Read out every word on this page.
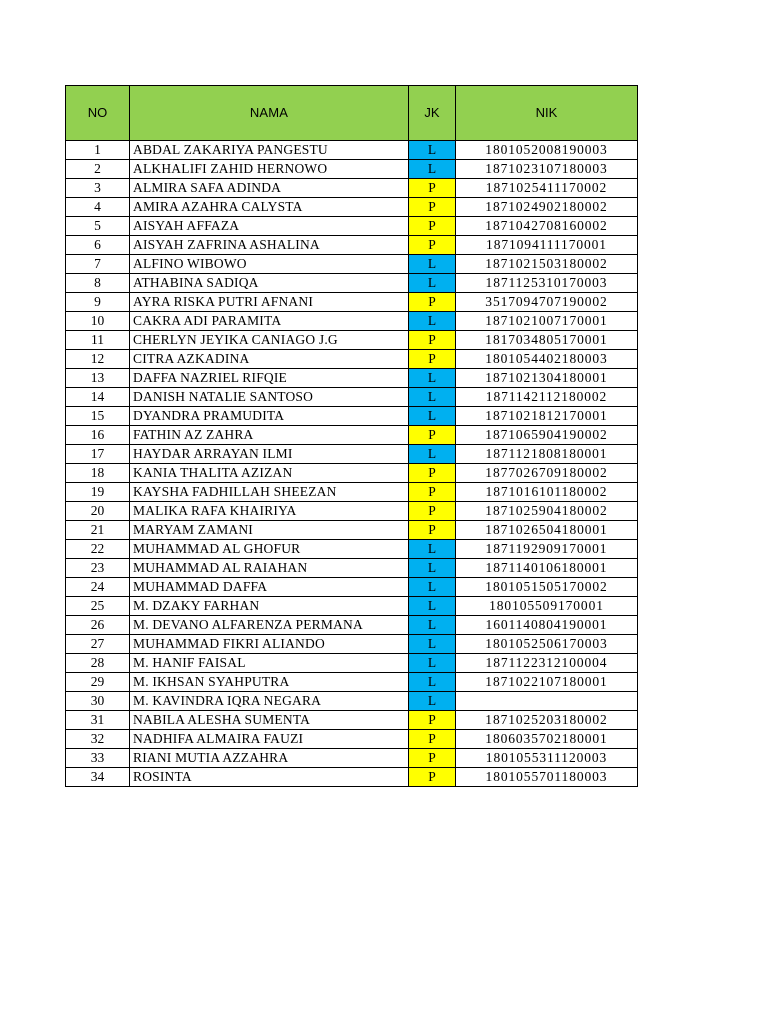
NO	NAMA	JK	NIK
1	ABDAL ZAKARIYA PANGESTU	L	1801052008190003
2	ALKHALIFI ZAHID HERNOWO	L	1871023107180003
3	ALMIRA SAFA ADINDA	P	1871025411170002
4	AMIRA AZAHRA CALYSTA	P	1871024902180002
5	AISYAH AFFAZA	P	1871042708160002
6	AISYAH ZAFRINA ASHALINA	P	1871094111170001
7	ALFINO WIBOWO	L	1871021503180002
8	ATHABINA SADIQA	L	1871125310170003
9	AYRA RISKA PUTRI AFNANI	P	3517094707190002
10	CAKRA ADI PARAMITA	L	1871021007170001
11	CHERLYN JEYIKA CANIAGO J.G	P	1817034805170001
12	CITRA AZKADINA	P	1801054402180003
13	DAFFA NAZRIEL RIFQIE	L	1871021304180001
14	DANISH NATALIE SANTOSO	L	1871142112180002
15	DYANDRA PRAMUDITA	L	1871021812170001
16	FATHIN AZ ZAHRA	P	1871065904190002
17	HAYDAR ARRAYAN ILMI	L	1871121808180001
18	KANIA THALITA AZIZAN	P	1877026709180002
19	KAYSHA FADHILLAH SHEEZAN	P	1871016101180002
20	MALIKA RAFA KHAIRIYA	P	1871025904180002
21	MARYAM ZAMANI	P	1871026504180001
22	MUHAMMAD AL GHOFUR	L	1871192909170001
23	MUHAMMAD AL RAIAHAN	L	1871140106180001
24	MUHAMMAD DAFFA	L	1801051505170002
25	M. DZAKY FARHAN	L	180105509170001
26	M. DEVANO ALFARENZA PERMANA	L	1601140804190001
27	MUHAMMAD FIKRI ALIANDO	L	1801052506170003
28	M. HANIF FAISAL	L	1871122312100004
29	M. IKHSAN SYAHPUTRA	L	1871022107180001
30	M. KAVINDRA IQRA NEGARA	L	
31	NABILA ALESHA SUMENTA	P	1871025203180002
32	NADHIFA ALMAIRA FAUZI	P	1806035702180001
33	RIANI MUTIA AZZAHRA	P	1801055311120003
34	ROSINTA	P	1801055701180003
